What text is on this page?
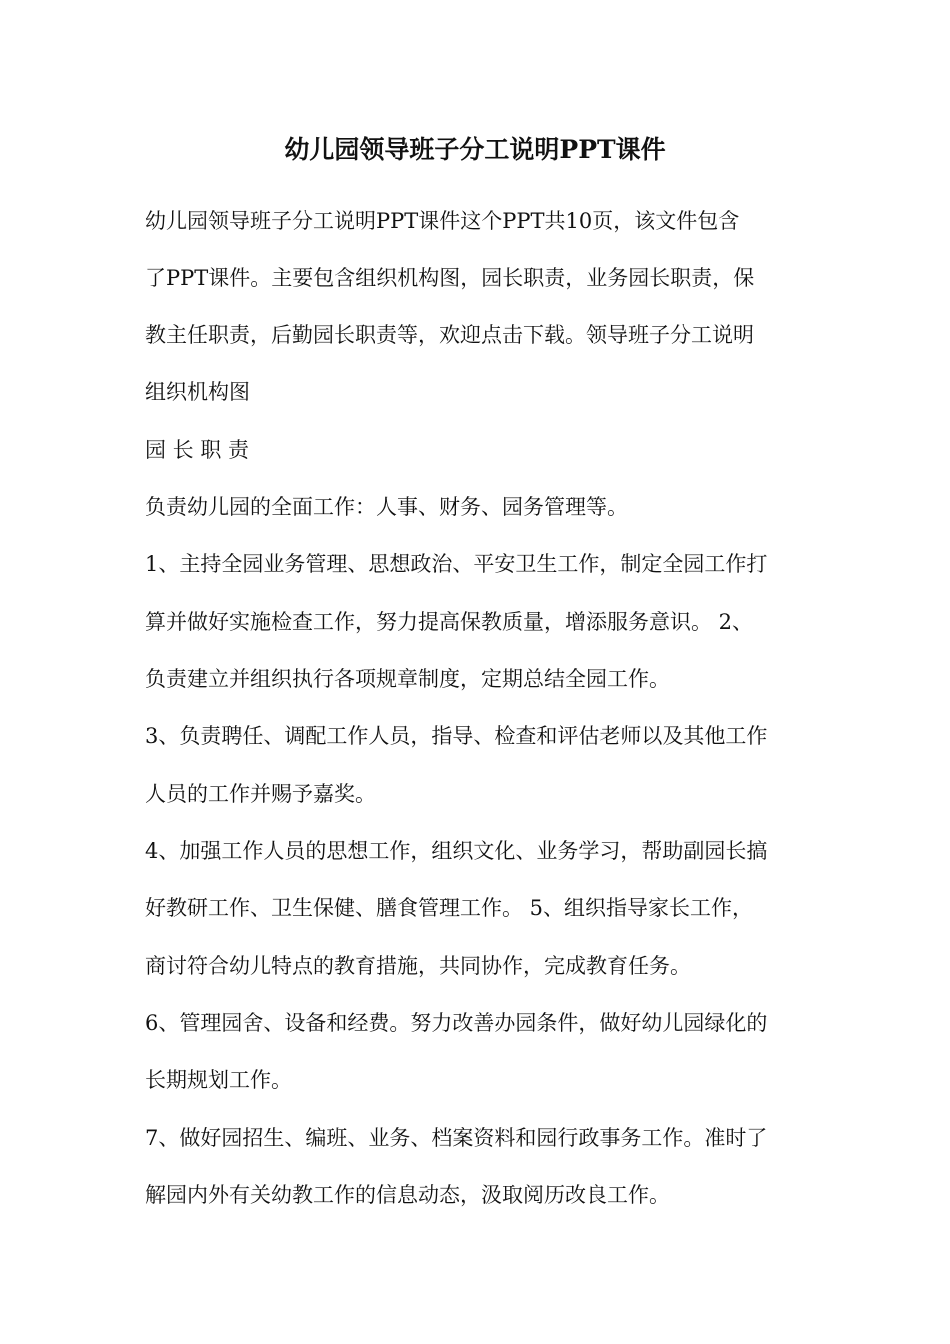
幼儿园领导班子分工说明PPT课件

幼儿园领导班子分工说明PPT课件这个PPT共10页，该文件包含

了PPT课件。主要包含组织机构图，园长职责，业务园长职责，保

教主任职责，后勤园长职责等，欢迎点击下载。领导班子分工说明

组织机构图

园 长 职 责

负责幼儿园的全面工作：人事、财务、园务管理等。

1、主持全园业务管理、思想政治、平安卫生工作，制定全园工作打

算并做好实施检查工作，努力提高保教质量，增添服务意识。 2、

负责建立并组织执行各项规章制度，定期总结全园工作。

3、负责聘任、调配工作人员，指导、检查和评估老师以及其他工作

人员的工作并赐予嘉奖。

4、加强工作人员的思想工作，组织文化、业务学习，帮助副园长搞

好教研工作、卫生保健、膳食管理工作。 5、组织指导家长工作，

商讨符合幼儿特点的教育措施，共同协作，完成教育任务。

6、管理园舍、设备和经费。努力改善办园条件，做好幼儿园绿化的

长期规划工作。

7、做好园招生、编班、业务、档案资料和园行政事务工作。准时了

解园内外有关幼教工作的信息动态，汲取阅历改良工作。
